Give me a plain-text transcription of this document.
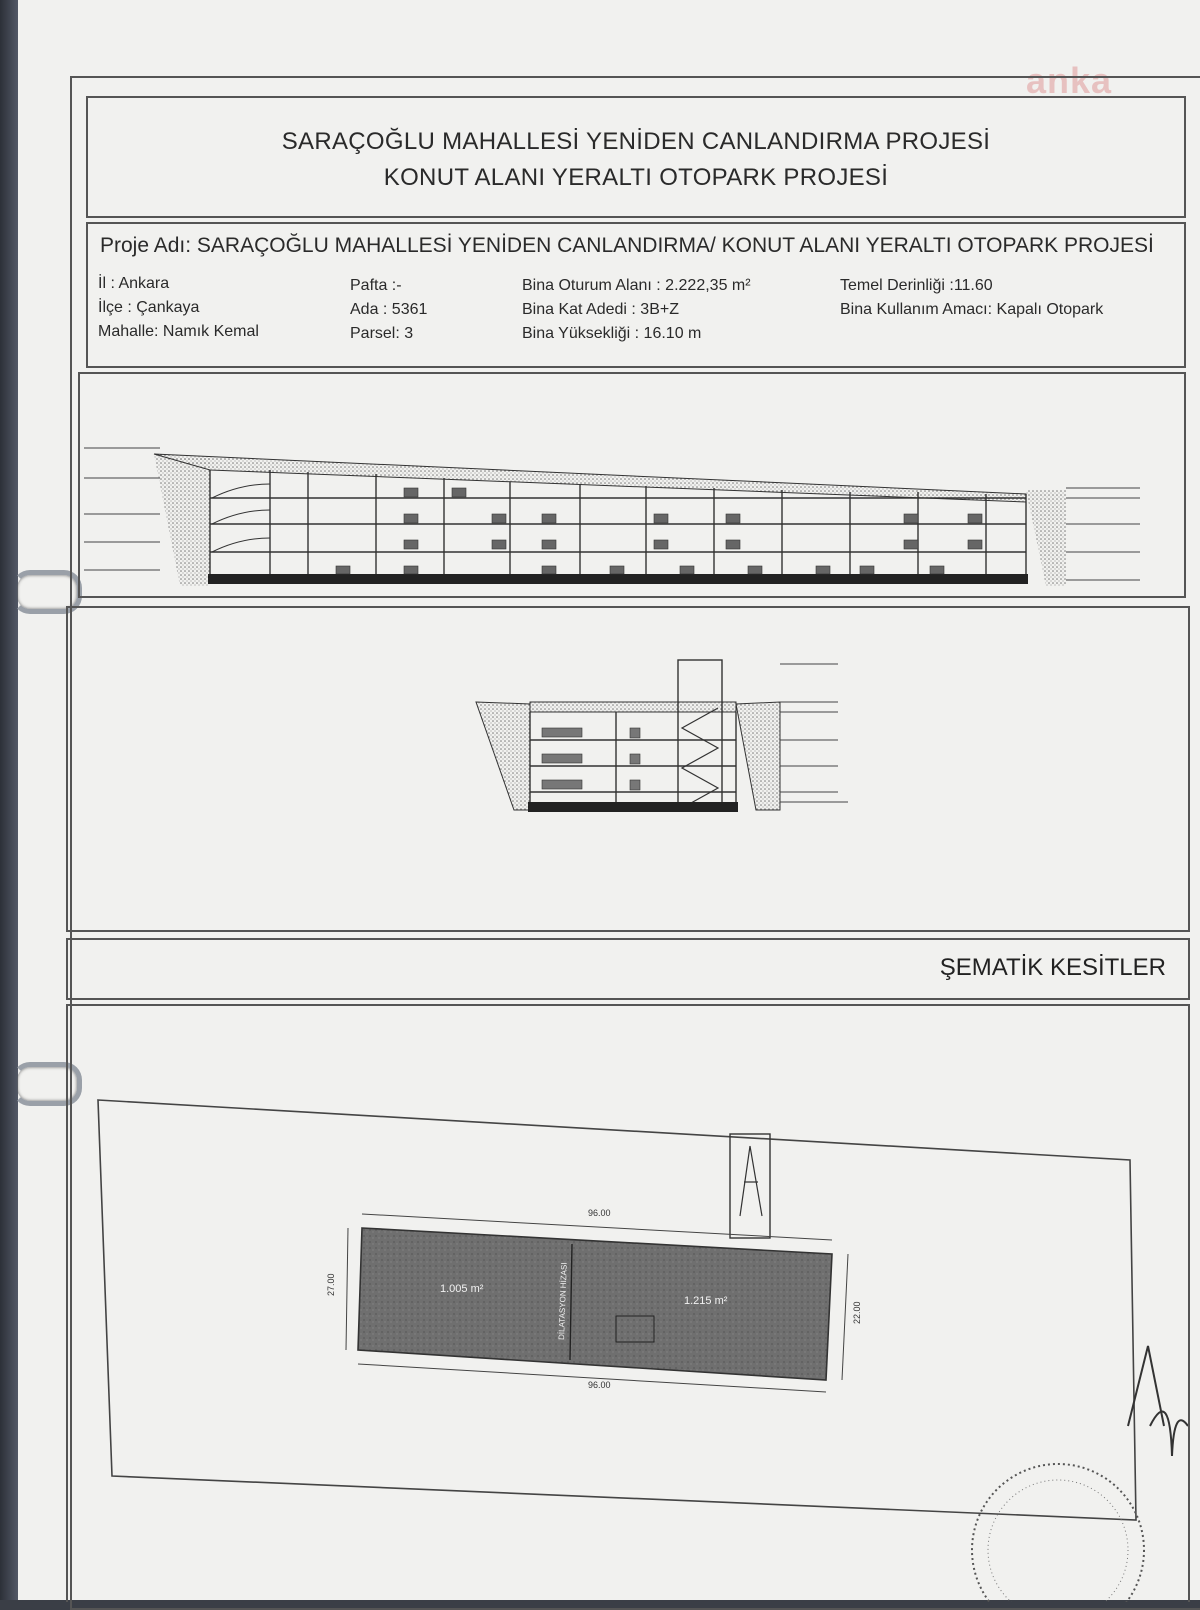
anka
SARAÇOĞLU MAHALLESİ YENİDEN CANLANDIRMA PROJESİ
KONUT ALANI YERALTI OTOPARK PROJESİ
Proje Adı: SARAÇOĞLU MAHALLESİ YENİDEN CANLANDIRMA/ KONUT ALANI YERALTI OTOPARK PROJESİ
İl : Ankara
İlçe : Çankaya
Mahalle: Namık Kemal
Pafta :-
Ada : 5361
Parsel: 3
Bina Oturum Alanı : 2.222,35 m²
Bina Kat Adedi : 3B+Z
Bina Yüksekliği : 16.10 m
Temel Derinliği :11.60
Bina Kullanım Amacı: Kapalı Otopark
ŞEMATİK KESİTLER
96.00
96.00
27.00
22.00
1.005 m²
1.215 m²
DİLATASYON HİZASI
